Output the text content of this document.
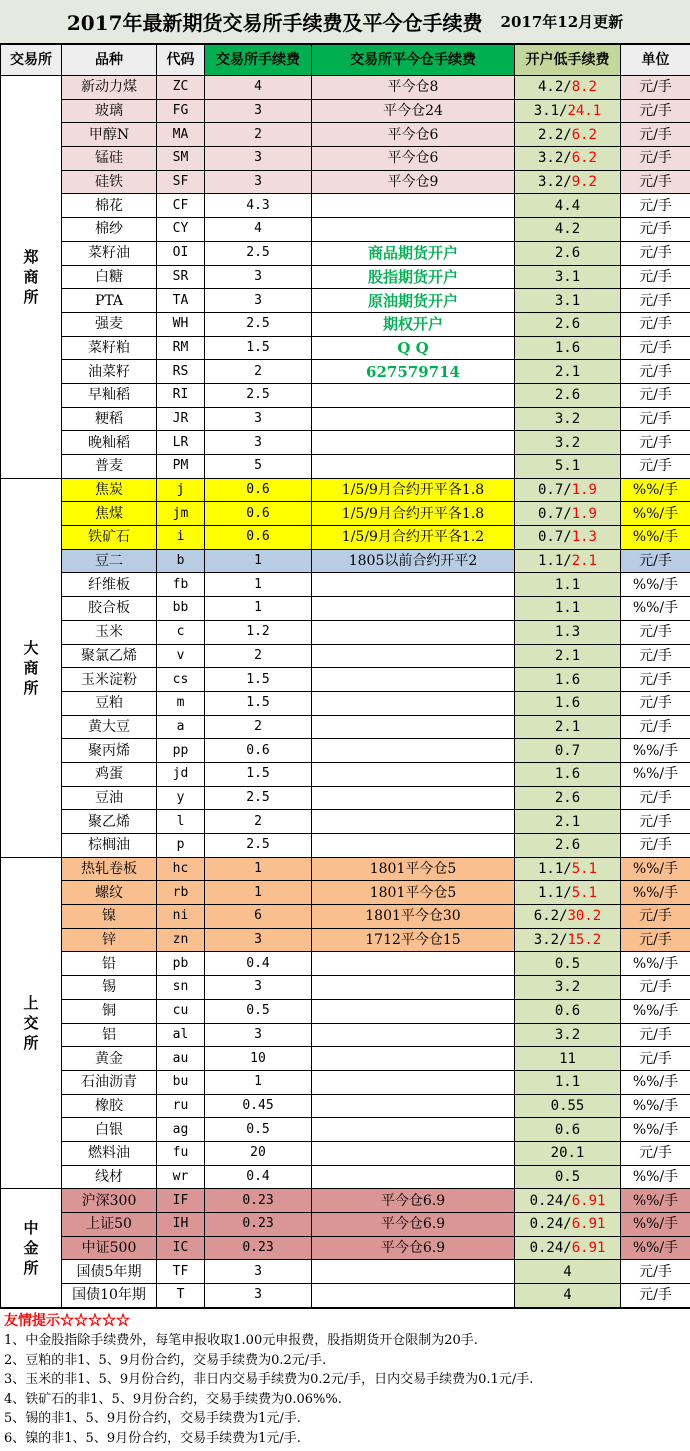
2017年最新期货交易所手续费及平今仓手续费 2017年12月更新
交易所	品种	代码	交易所手续费	交易所平今仓手续费	开户低手续费	单位
郑商所	新动力煤	ZC	4	平今仓8	4.2/8.2	元/手
	玻璃	FG	3	平今仓24	3.1/24.1	元/手
	甲醇N	MA	2	平今仓6	2.2/6.2	元/手
	锰硅	SM	3	平今仓6	3.2/6.2	元/手
	硅铁	SF	3	平今仓9	3.2/9.2	元/手
	棉花	CF	4.3		4.4	元/手
	棉纱	CY	4		4.2	元/手
	菜籽油	OI	2.5	商品期货开户	2.6	元/手
	白糖	SR	3	股指期货开户	3.1	元/手
	PTA	TA	3	原油期货开户	3.1	元/手
	强麦	WH	2.5	期权开户	2.6	元/手
	菜籽粕	RM	1.5	Q Q	1.6	元/手
	油菜籽	RS	2	627579714	2.1	元/手
	早籼稻	RI	2.5		2.6	元/手
	粳稻	JR	3		3.2	元/手
	晚籼稻	LR	3		3.2	元/手
	普麦	PM	5		5.1	元/手
大商所	焦炭	j	0.6	1/5/9月合约开平各1.8	0.7/1.9	%%/手
	焦煤	jm	0.6	1/5/9月合约开平各1.8	0.7/1.9	%%/手
	铁矿石	i	0.6	1/5/9月合约开平各1.2	0.7/1.3	%%/手
	豆二	b	1	1805以前合约开平2	1.1/2.1	元/手
	纤维板	fb	1		1.1	%%/手
	胶合板	bb	1		1.1	%%/手
	玉米	c	1.2		1.3	元/手
	聚氯乙烯	v	2		2.1	元/手
	玉米淀粉	cs	1.5		1.6	元/手
	豆粕	m	1.5		1.6	元/手
	黄大豆	a	2		2.1	元/手
	聚丙烯	pp	0.6		0.7	%%/手
	鸡蛋	jd	1.5		1.6	%%/手
	豆油	y	2.5		2.6	元/手
	聚乙烯	l	2		2.1	元/手
	棕榈油	p	2.5		2.6	元/手
上交所	热轧卷板	hc	1	1801平今仓5	1.1/5.1	%%/手
	螺纹	rb	1	1801平今仓5	1.1/5.1	%%/手
	镍	ni	6	1801平今仓30	6.2/30.2	元/手
	锌	zn	3	1712平今仓15	3.2/15.2	元/手
	铅	pb	0.4		0.5	%%/手
	锡	sn	3		3.2	元/手
	铜	cu	0.5		0.6	%%/手
	铝	al	3		3.2	元/手
	黄金	au	10		11	元/手
	石油沥青	bu	1		1.1	%%/手
	橡胶	ru	0.45		0.55	%%/手
	白银	ag	0.5		0.6	%%/手
	燃料油	fu	20		20.1	元/手
	线材	wr	0.4		0.5	%%/手
中金所	沪深300	IF	0.23	平今仓6.9	0.24/6.91	%%/手
	上证50	IH	0.23	平今仓6.9	0.24/6.91	%%/手
	中证500	IC	0.23	平今仓6.9	0.24/6.91	%%/手
	国债5年期	TF	3		4	元/手
	国债10年期	T	3		4	元/手
友情提示☆☆☆☆☆
1、中金股指除手续费外，每笔申报收取1.00元申报费，股指期货开仓限制为20手.
2、豆粕的非1、5、9月份合约，交易手续费为0.2元/手.
3、玉米的非1、5、9月份合约，非日内交易手续费为0.2元/手，日内交易手续费为0.1元/手.
4、铁矿石的非1、5、9月份合约，交易手续费为0.06%%.
5、锡的非1、5、9月份合约，交易手续费为1元/手.
6、镍的非1、5、9月份合约，交易手续费为1元/手.
